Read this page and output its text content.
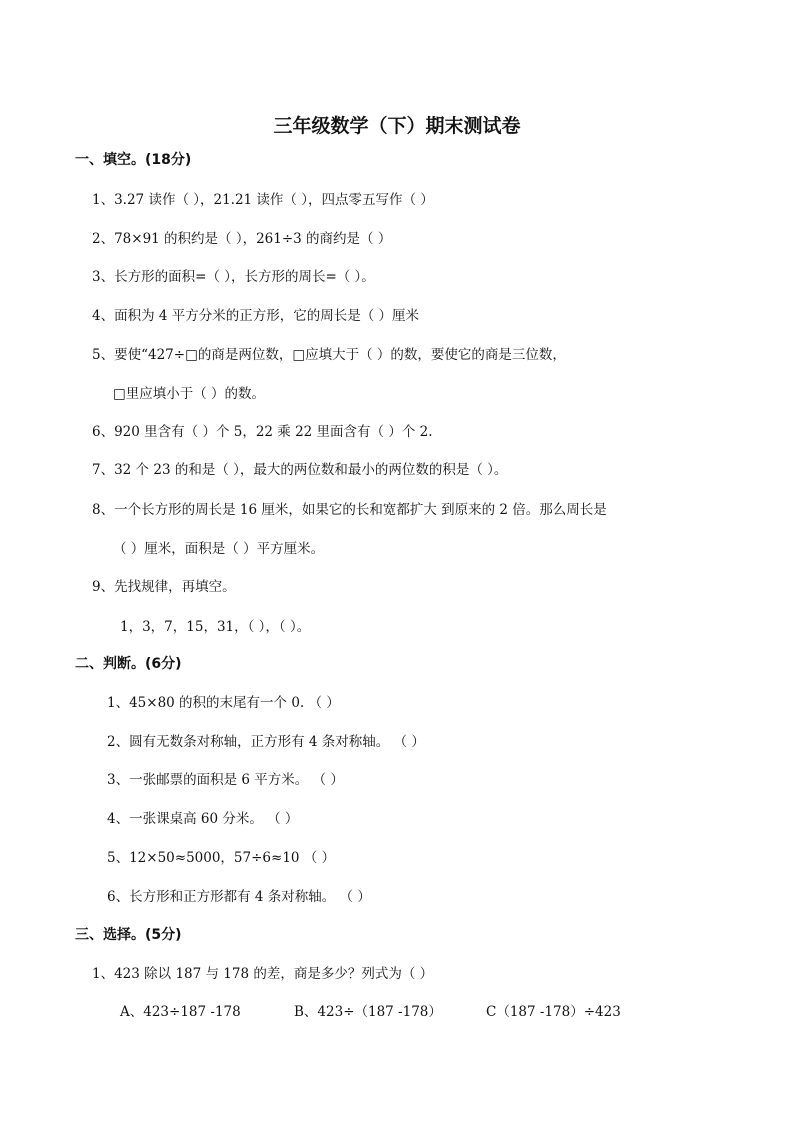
三年级数学（下）期末测试卷
一、填空。(18分)
1、3.27 读作（ ），21.21 读作（ ），四点零五写作（ ）
2、78×91 的积约是（ ），261÷3 的商约是（ ）
3、长方形的面积=（ ），长方形的周长=（ ）。
4、面积为 4 平方分米的正方形，它的周长是（ ）厘米
5、要使“427÷□的商是两位数，□应填大于（ ）的数，要使它的商是三位数，
□里应填小于（ ）的数。
6、920 里含有（ ）个 5，22 乘 22 里面含有（ ）个 2.
7、32 个 23 的和是（ ），最大的两位数和最小的两位数的积是（ ）。
8、一个长方形的周长是 16 厘米，如果它的长和宽都扩大 到原来的 2 倍。那么周长是
（ ）厘米，面积是（ ）平方厘米。
9、先找规律，再填空。
1，3，7，15，31，（ ），（ ）。
二、判断。(6分)
1、45×80 的积的末尾有一个 0. （ ）
2、圆有无数条对称轴，正方形有 4 条对称轴。 （ ）
3、一张邮票的面积是 6 平方米。 （ ）
4、一张课桌高 60 分米。 （ ）
5、12×50≈5000，57÷6≈10 （ ）
6、长方形和正方形都有 4 条对称轴。 （ ）
三、选择。(5分)
1、423 除以 187 与 178 的差，商是多少？列式为（ ）
A、423÷187 -178	B、423÷（187 -178）	C（187 -178）÷423
